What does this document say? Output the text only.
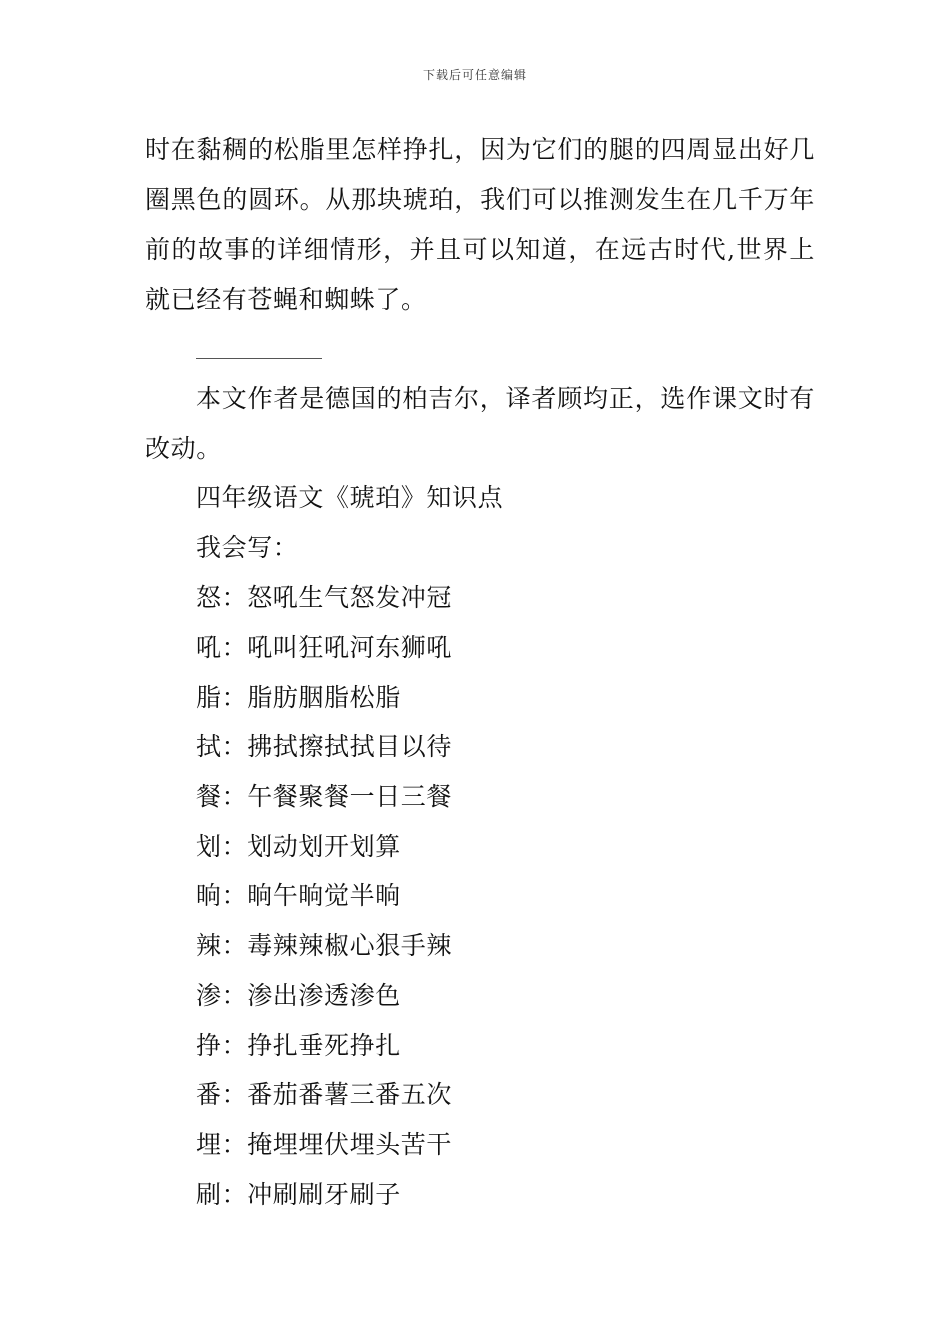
下载后可任意编辑

时在黏稠的松脂里怎样挣扎，因为它们的腿的四周显出好几圈黑色的圆环。从那块琥珀，我们可以推测发生在几千万年前的故事的详细情形，并且可以知道，在远古时代,世界上就已经有苍蝇和蜘蛛了。

本文作者是德国的柏吉尔，译者顾均正，选作课文时有改动。

四年级语文《琥珀》知识点
我会写：
怒：怒吼生气怒发冲冠
吼：吼叫狂吼河东狮吼
脂：脂肪胭脂松脂
拭：拂拭擦拭拭目以待
餐：午餐聚餐一日三餐
划：划动划开划算
晌：晌午晌觉半晌
辣：毒辣辣椒心狠手辣
渗：渗出渗透渗色
挣：挣扎垂死挣扎
番：番茄番薯三番五次
埋：掩埋埋伏埋头苦干
刷：冲刷刷牙刷子
